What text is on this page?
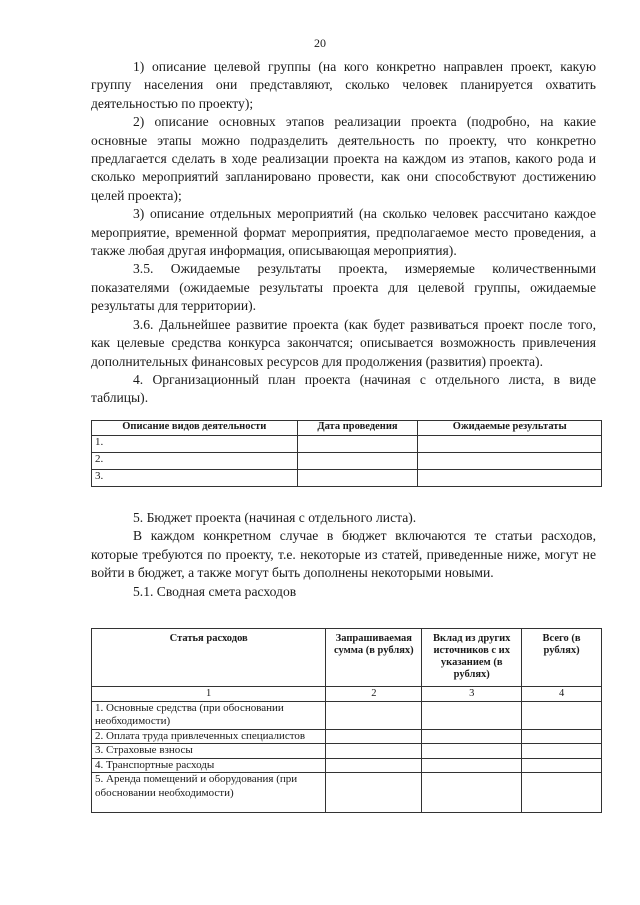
20

1) описание целевой группы (на кого конкретно направлен проект, какую группу населения они представляют, сколько человек планируется охватить деятельностью по проекту);

2) описание основных этапов реализации проекта (подробно, на какие основные этапы можно подразделить деятельность по проекту, что конкретно предлагается сделать в ходе реализации проекта на каждом из этапов, какого рода и сколько мероприятий запланировано провести, как они способствуют достижению целей проекта);

3) описание отдельных мероприятий (на сколько человек рассчитано каждое мероприятие, временной формат мероприятия, предполагаемое место проведения, а также любая другая информация, описывающая мероприятия).

3.5. Ожидаемые результаты проекта, измеряемые количественными показателями (ожидаемые результаты проекта для целевой группы, ожидаемые результаты для территории).

3.6. Дальнейшее развитие проекта (как будет развиваться проект после того, как целевые средства конкурса закончатся; описывается возможность привлечения дополнительных финансовых ресурсов для продолжения (развития) проекта).

4. Организационный план проекта (начиная с отдельного листа, в виде таблицы).

Описание видов деятельности	Дата проведения	Ожидаемые результаты
1.		
2.		
3.		

5. Бюджет проекта (начиная с отдельного листа).

В каждом конкретном случае в бюджет включаются те статьи расходов, которые требуются по проекту, т.е. некоторые из статей, приведенные ниже, могут не войти в бюджет, а также могут быть дополнены некоторыми новыми.

5.1. Сводная смета расходов

Статья расходов	Запрашиваемая сумма (в рублях)	Вклад из других источников с их указанием (в рублях)	Всего (в рублях)
1	2	3	4
1. Основные средства (при обосновании необходимости)			
2. Оплата труда привлеченных специалистов			
3. Страховые взносы			
4. Транспортные расходы			
5. Аренда помещений и оборудования (при обосновании необходимости)			
